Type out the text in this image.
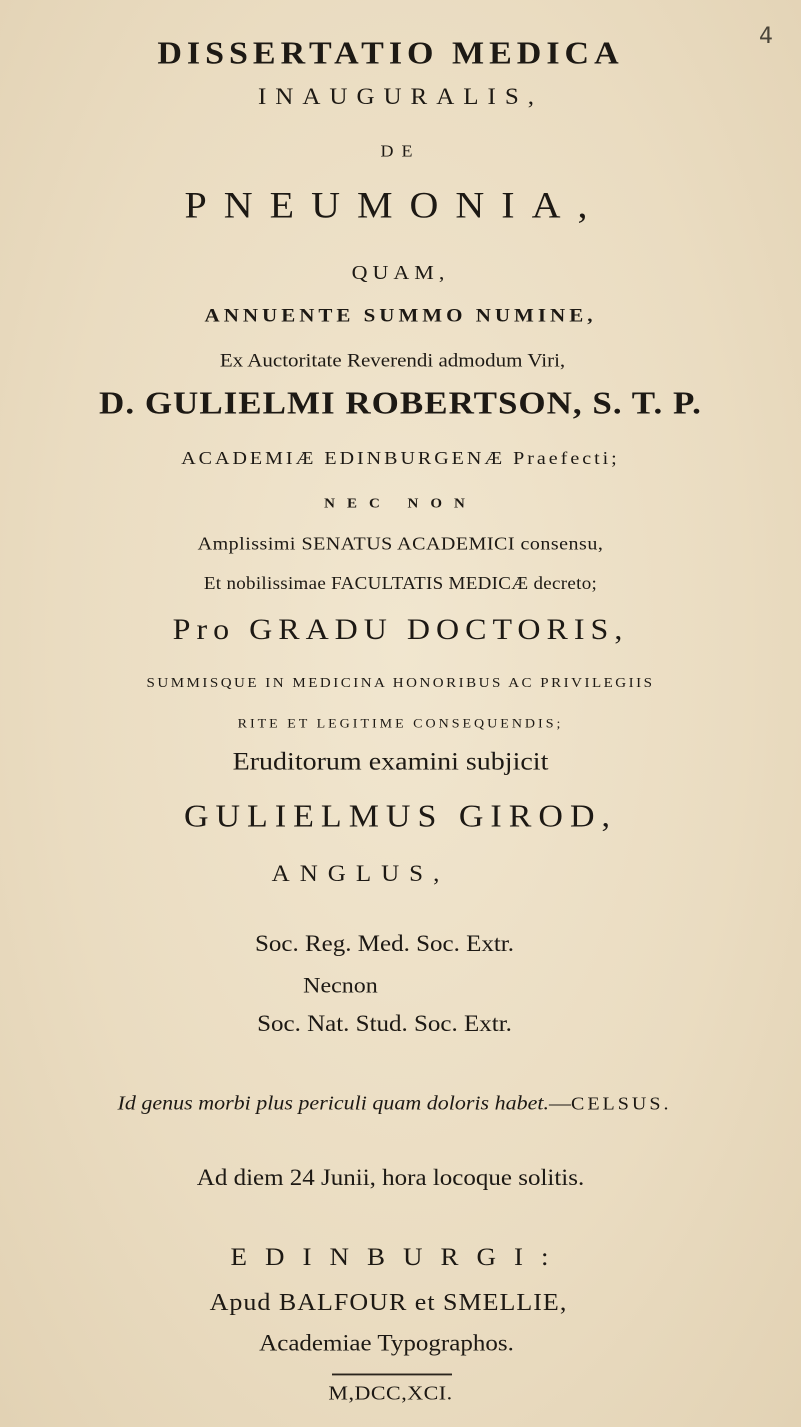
4
DISSERTATIO MEDICA
INAUGURALIS,
DE
PNEUMONIA,
QUAM,
ANNUENTE SUMMO NUMINE,
Ex Auctoritate Reverendi admodum Viri,
D. GULIELMI ROBERTSON, S. T. P.
ACADEMIÆ EDINBURGENÆ Praefecti;
NEC NON
Amplissimi SENATUS ACADEMICI consensu,
Et nobilissimae FACULTATIS MEDICÆ decreto;
Pro GRADU DOCTORIS,
SUMMISQUE IN MEDICINA HONORIBUS AC PRIVILEGIIS
RITE ET LEGITIME CONSEQUENDIS;
Eruditorum examini subjicit
GULIELMUS GIROD,
ANGLUS,
Soc. Reg. Med. Soc. Extr.
Necnon
Soc. Nat. Stud. Soc. Extr.
Id genus morbi plus periculi quam doloris habet.—CELSUS.
Ad diem 24 Junii, hora locoque solitis.
EDINBURGI:
Apud BALFOUR et SMELLIE,
Academiae Typographos.
M,DCC,XCI.
